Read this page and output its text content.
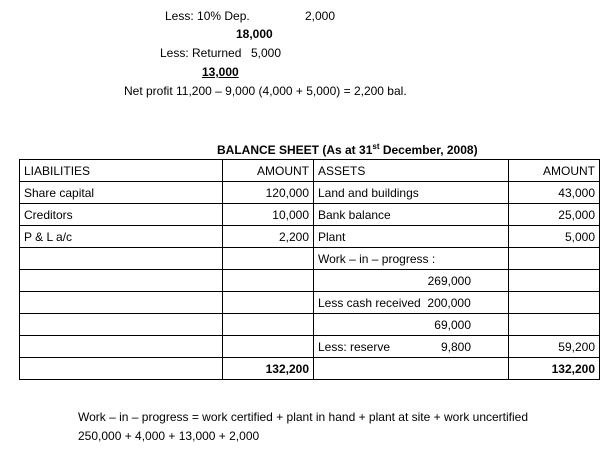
Less: 10% Dep.	2,000
18,000
Less: Returned 5,000
13,000
Net profit 11,200 – 9,000 (4,000 + 5,000) = 2,200 bal.
BALANCE SHEET (As at 31st December, 2008)
LIABILITIES	AMOUNT	ASSETS	AMOUNT
Share capital	120,000	Land and buildings	43,000
Creditors	10,000	Bank balance	25,000
P & L a/c	2,200	Plant	5,000
		Work – in – progress :	
		269,000	
		Less cash received  200,000	
		69,000	
		Less: reserve 9,800	59,200
	132,200		132,200
Work – in – progress = work certified + plant in hand + plant at site + work uncertified
250,000 + 4,000 + 13,000 + 2,000
